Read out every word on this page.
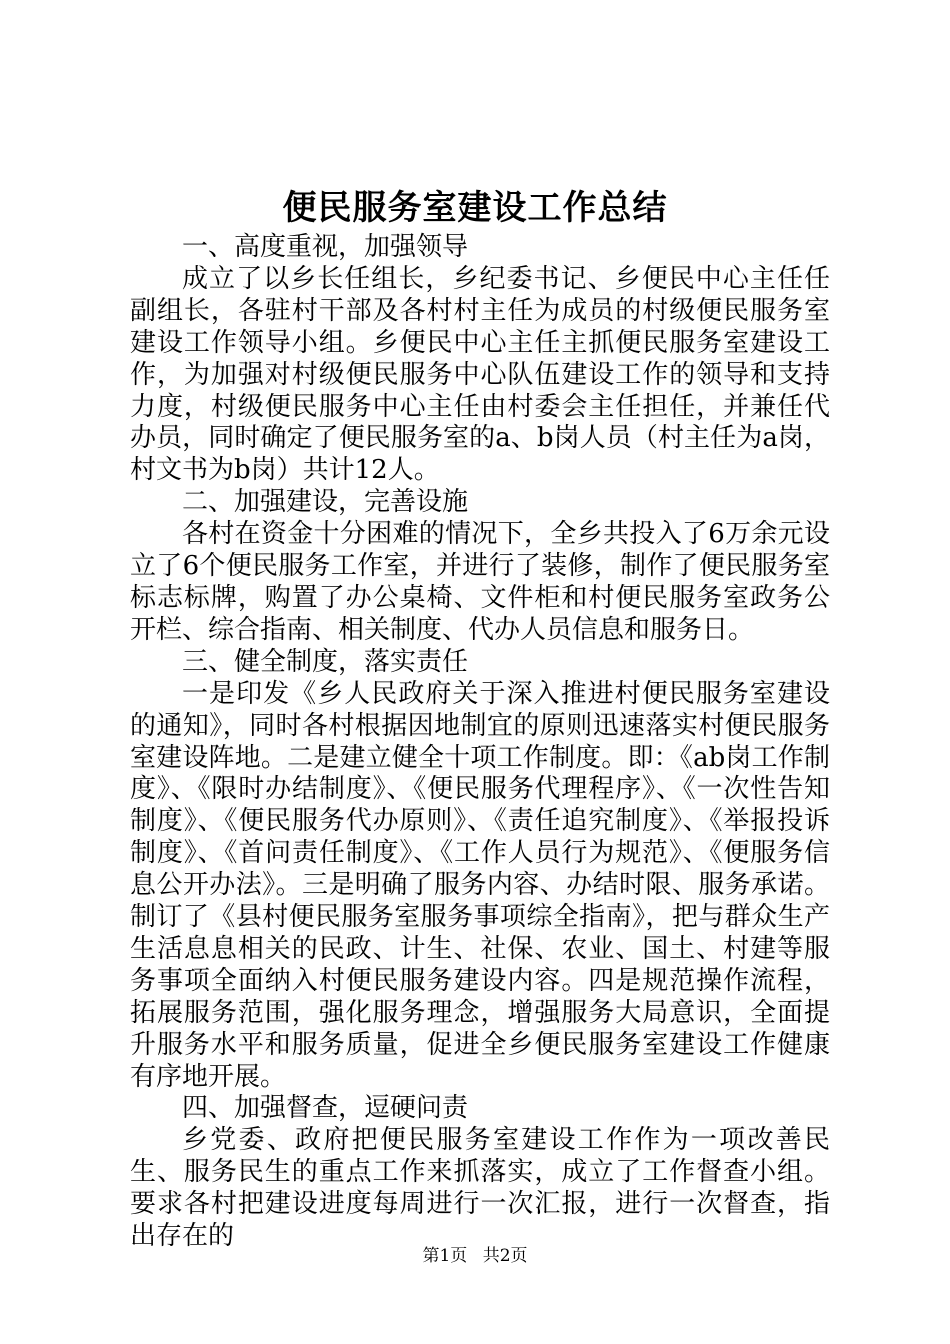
便民服务室建设工作总结

一、高度重视，加强领导

成立了以乡长任组长，乡纪委书记、乡便民中心主任任副组长，各驻村干部及各村村主任为成员的村级便民服务室建设工作领导小组。乡便民中心主任主抓便民服务室建设工作，为加强对村级便民服务中心队伍建设工作的领导和支持力度，村级便民服务中心主任由村委会主任担任，并兼任代办员，同时确定了便民服务室的a、b岗人员（村主任为a岗，村文书为b岗）共计12人。

二、加强建设，完善设施

各村在资金十分困难的情况下，全乡共投入了6万余元设立了6个便民服务工作室，并进行了装修，制作了便民服务室标志标牌，购置了办公桌椅、文件柜和村便民服务室政务公开栏、综合指南、相关制度、代办人员信息和服务日。

三、健全制度，落实责任

一是印发《乡人民政府关于深入推进村便民服务室建设的通知》，同时各村根据因地制宜的原则迅速落实村便民服务室建设阵地。二是建立健全十项工作制度。即：《ab岗工作制度》、《限时办结制度》、《便民服务代理程序》、《一次性告知制度》、《便民服务代办原则》、《责任追究制度》、《举报投诉制度》、《首问责任制度》、《工作人员行为规范》、《便服务信息公开办法》。三是明确了服务内容、办结时限、服务承诺。制订了《县村便民服务室服务事项综全指南》，把与群众生产生活息息相关的民政、计生、社保、农业、国土、村建等服务事项全面纳入村便民服务建设内容。四是规范操作流程，拓展服务范围，强化服务理念，增强服务大局意识，全面提升服务水平和服务质量，促进全乡便民服务室建设工作健康有序地开展。

四、加强督查，逗硬问责

乡党委、政府把便民服务室建设工作作为一项改善民生、服务民生的重点工作来抓落实，成立了工作督查小组。要求各村把建设进度每周进行一次汇报，进行一次督查，指出存在的

第1页 共2页
